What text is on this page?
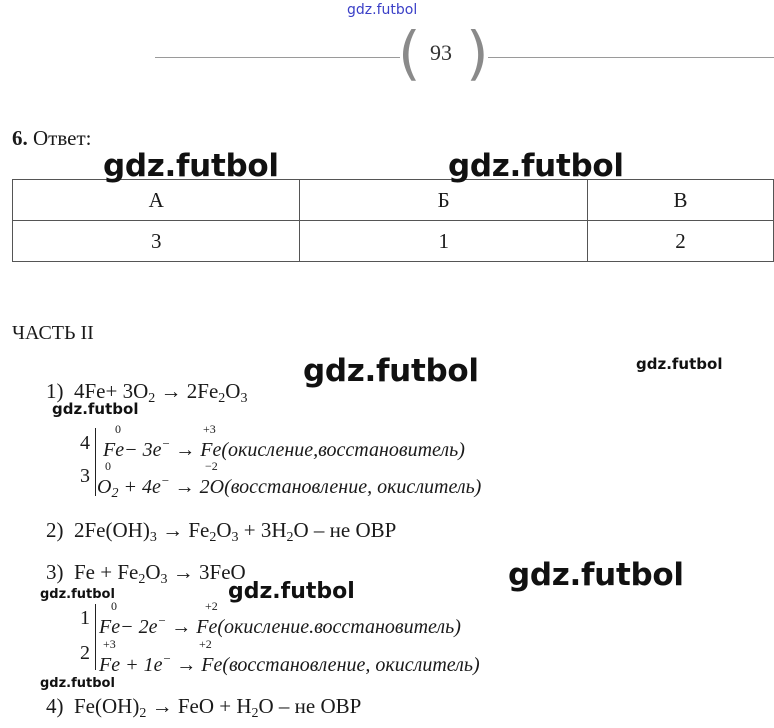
gdz.futbol
( 93 )
6. Ответ:
А	Б	В
3	1	2
gdz.futbol	gdz.futbol
gdz.futbol	gdz.futbol
gdz.futbol
gdz.futbol
gdz.futbol	gdz.futbol
gdz.futbol
ЧАСТЬ II
1) $4Fe+ 3O_2 \to 2Fe_2O_3$
4
0
Fe− 3e− →
+3
Fe(окисление,восстановитель)
3 0
$O_2 + 4e^-$ →
−2
2O(восстановление, окислитель)
2) $2Fe(OH)_3 \to Fe_2O_3 + 3H_2O$ – не ОВР
3) $Fe + Fe_2O_3 \to 3FeO$
1
0
Fe− 2e− →
+2
Fe(окисление.восстановитель)
2 +3
Fe + 1e− →
+2
Fe(восстановление, окислитель)
4) $Fe(OH)_2$ → FeO + $H_2O$ – не ОВР
